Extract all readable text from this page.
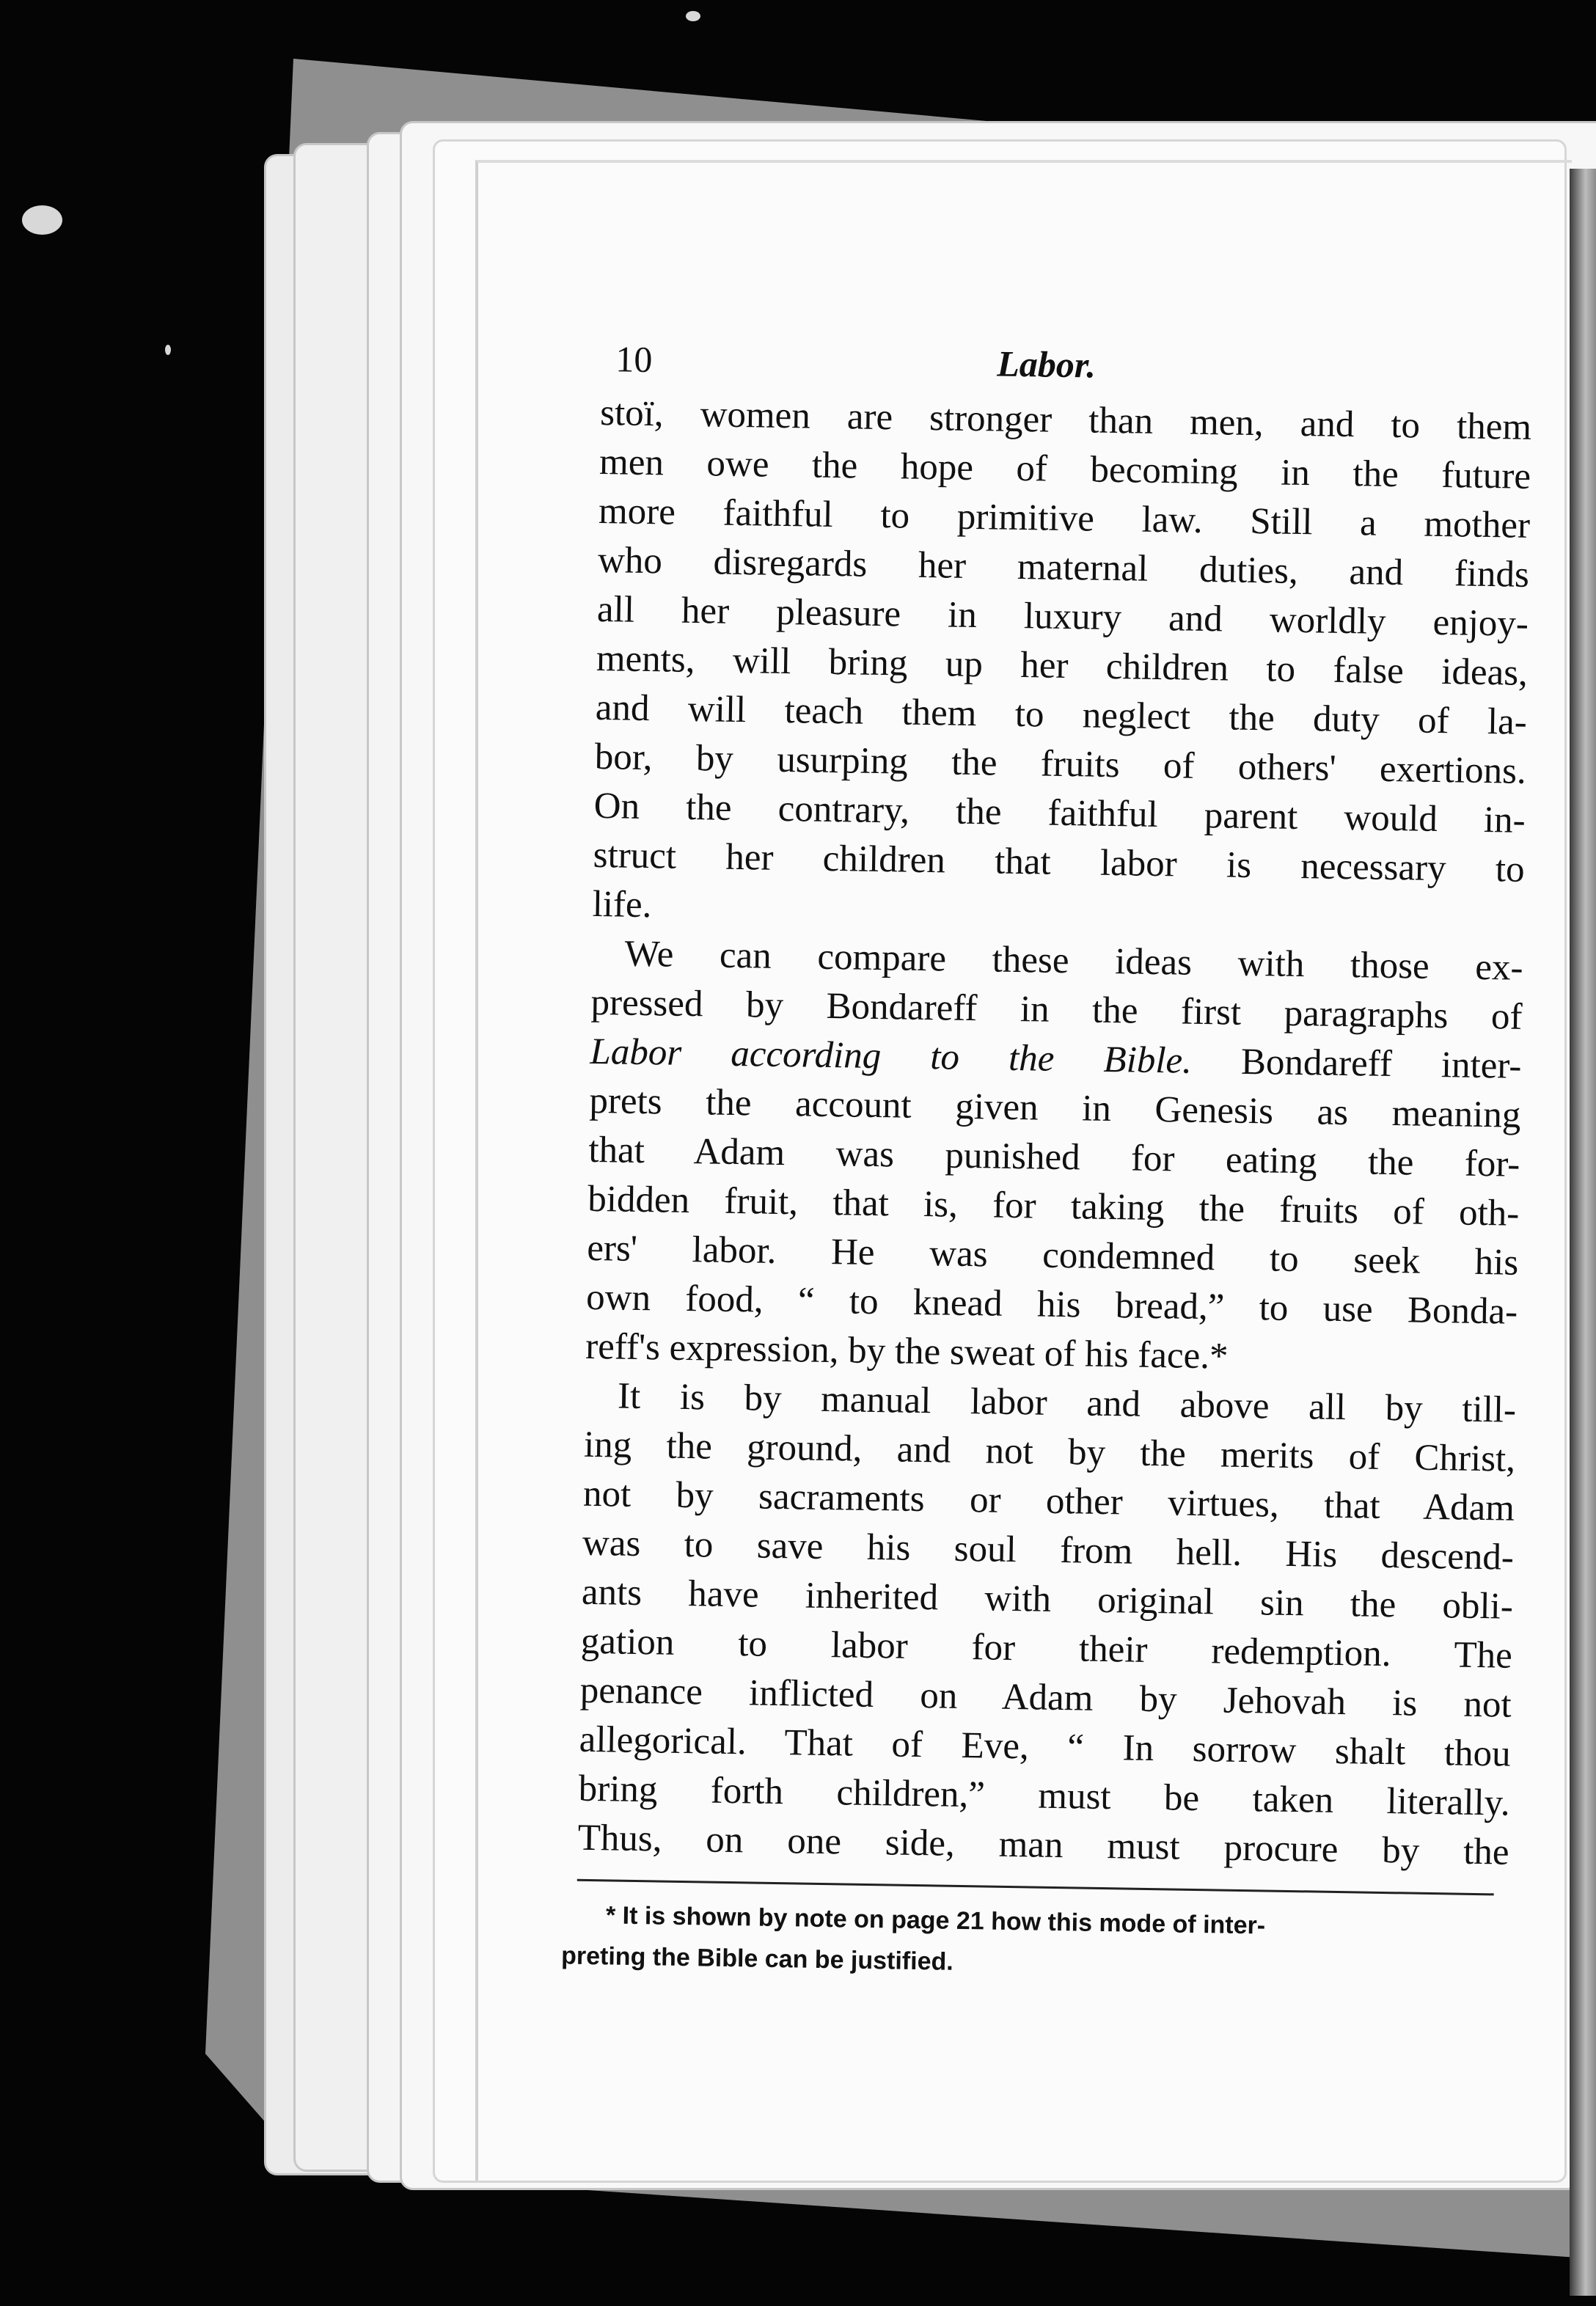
10	Labor.
stoï, women are stronger than men, and to them
men owe the hope of becoming in the future
more faithful to primitive law. Still a mother
who disregards her maternal duties, and finds
all her pleasure in luxury and worldly enjoy-
ments, will bring up her children to false ideas,
and will teach them to neglect the duty of la-
bor, by usurping the fruits of others' exertions.
On the contrary, the faithful parent would in-
struct her children that labor is necessary to
life.
We can compare these ideas with those ex-
pressed by Bondareff in the first paragraphs of
Labor according to the Bible. Bondareff inter-
prets the account given in Genesis as meaning
that Adam was punished for eating the for-
bidden fruit, that is, for taking the fruits of oth-
ers' labor. He was condemned to seek his
own food, “ to knead his bread,” to use Bonda-
reff's expression, by the sweat of his face.*
It is by manual labor and above all by till-
ing the ground, and not by the merits of Christ,
not by sacraments or other virtues, that Adam
was to save his soul from hell. His descend-
ants have inherited with original sin the obli-
gation to labor for their redemption. The
penance inflicted on Adam by Jehovah is not
allegorical. That of Eve, “ In sorrow shalt thou
bring forth children,” must be taken literally.
Thus, on one side, man must procure by the
* It is shown by note on page 21 how this mode of inter-
preting the Bible can be justified.
